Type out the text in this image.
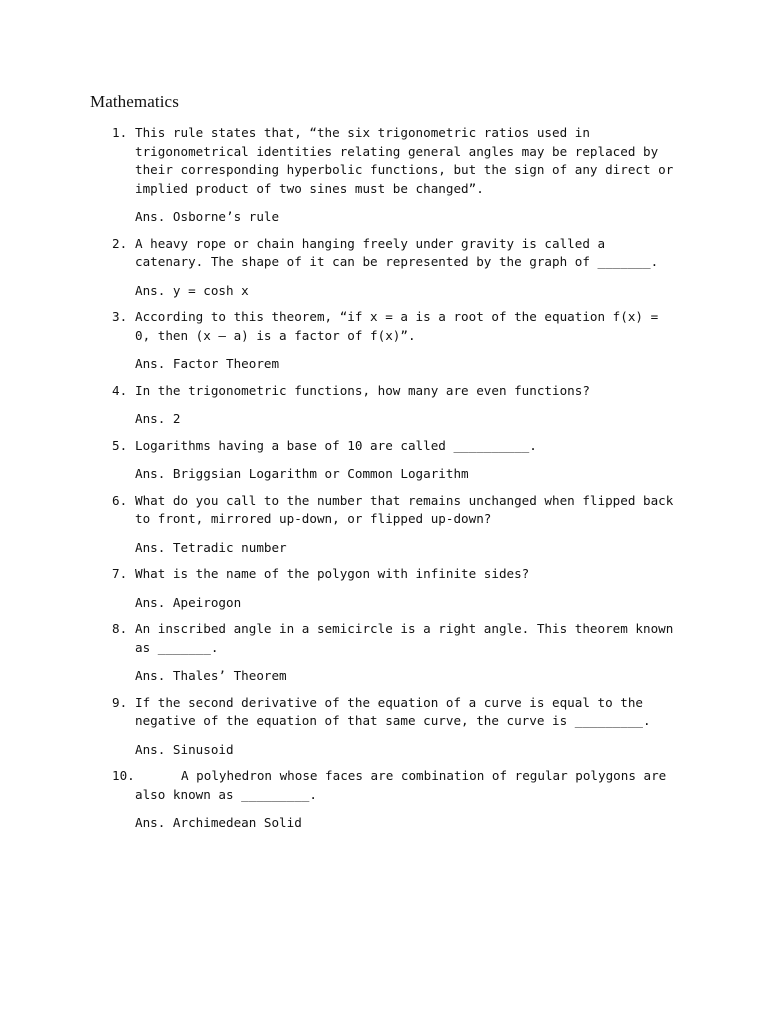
Mathematics
1. This rule states that, “the six trigonometric ratios used in
trigonometrical identities relating general angles may be replaced by
their corresponding hyperbolic functions, but the sign of any direct or
implied product of two sines must be changed”.
Ans. Osborne’s rule
2. A heavy rope or chain hanging freely under gravity is called a
catenary. The shape of it can be represented by the graph of _______.
Ans. y = cosh x
3. According to this theorem, “if x = a is a root of the equation f(x) =
0, then (x – a) is a factor of f(x)”.
Ans. Factor Theorem
4. In the trigonometric functions, how many are even functions?
Ans. 2
5. Logarithms having a base of 10 are called __________.
Ans. Briggsian Logarithm or Common Logarithm
6. What do you call to the number that remains unchanged when flipped back
to front, mirrored up-down, or flipped up-down?
Ans. Tetradic number
7. What is the name of the polygon with infinite sides?
Ans. Apeirogon
8. An inscribed angle in a semicircle is a right angle. This theorem known
as _______.
Ans. Thales’ Theorem
9. If the second derivative of the equation of a curve is equal to the
negative of the equation of that same curve, the curve is _________.
Ans. Sinusoid
10.	A polyhedron whose faces are combination of regular polygons are
also known as _________.
Ans. Archimedean Solid
